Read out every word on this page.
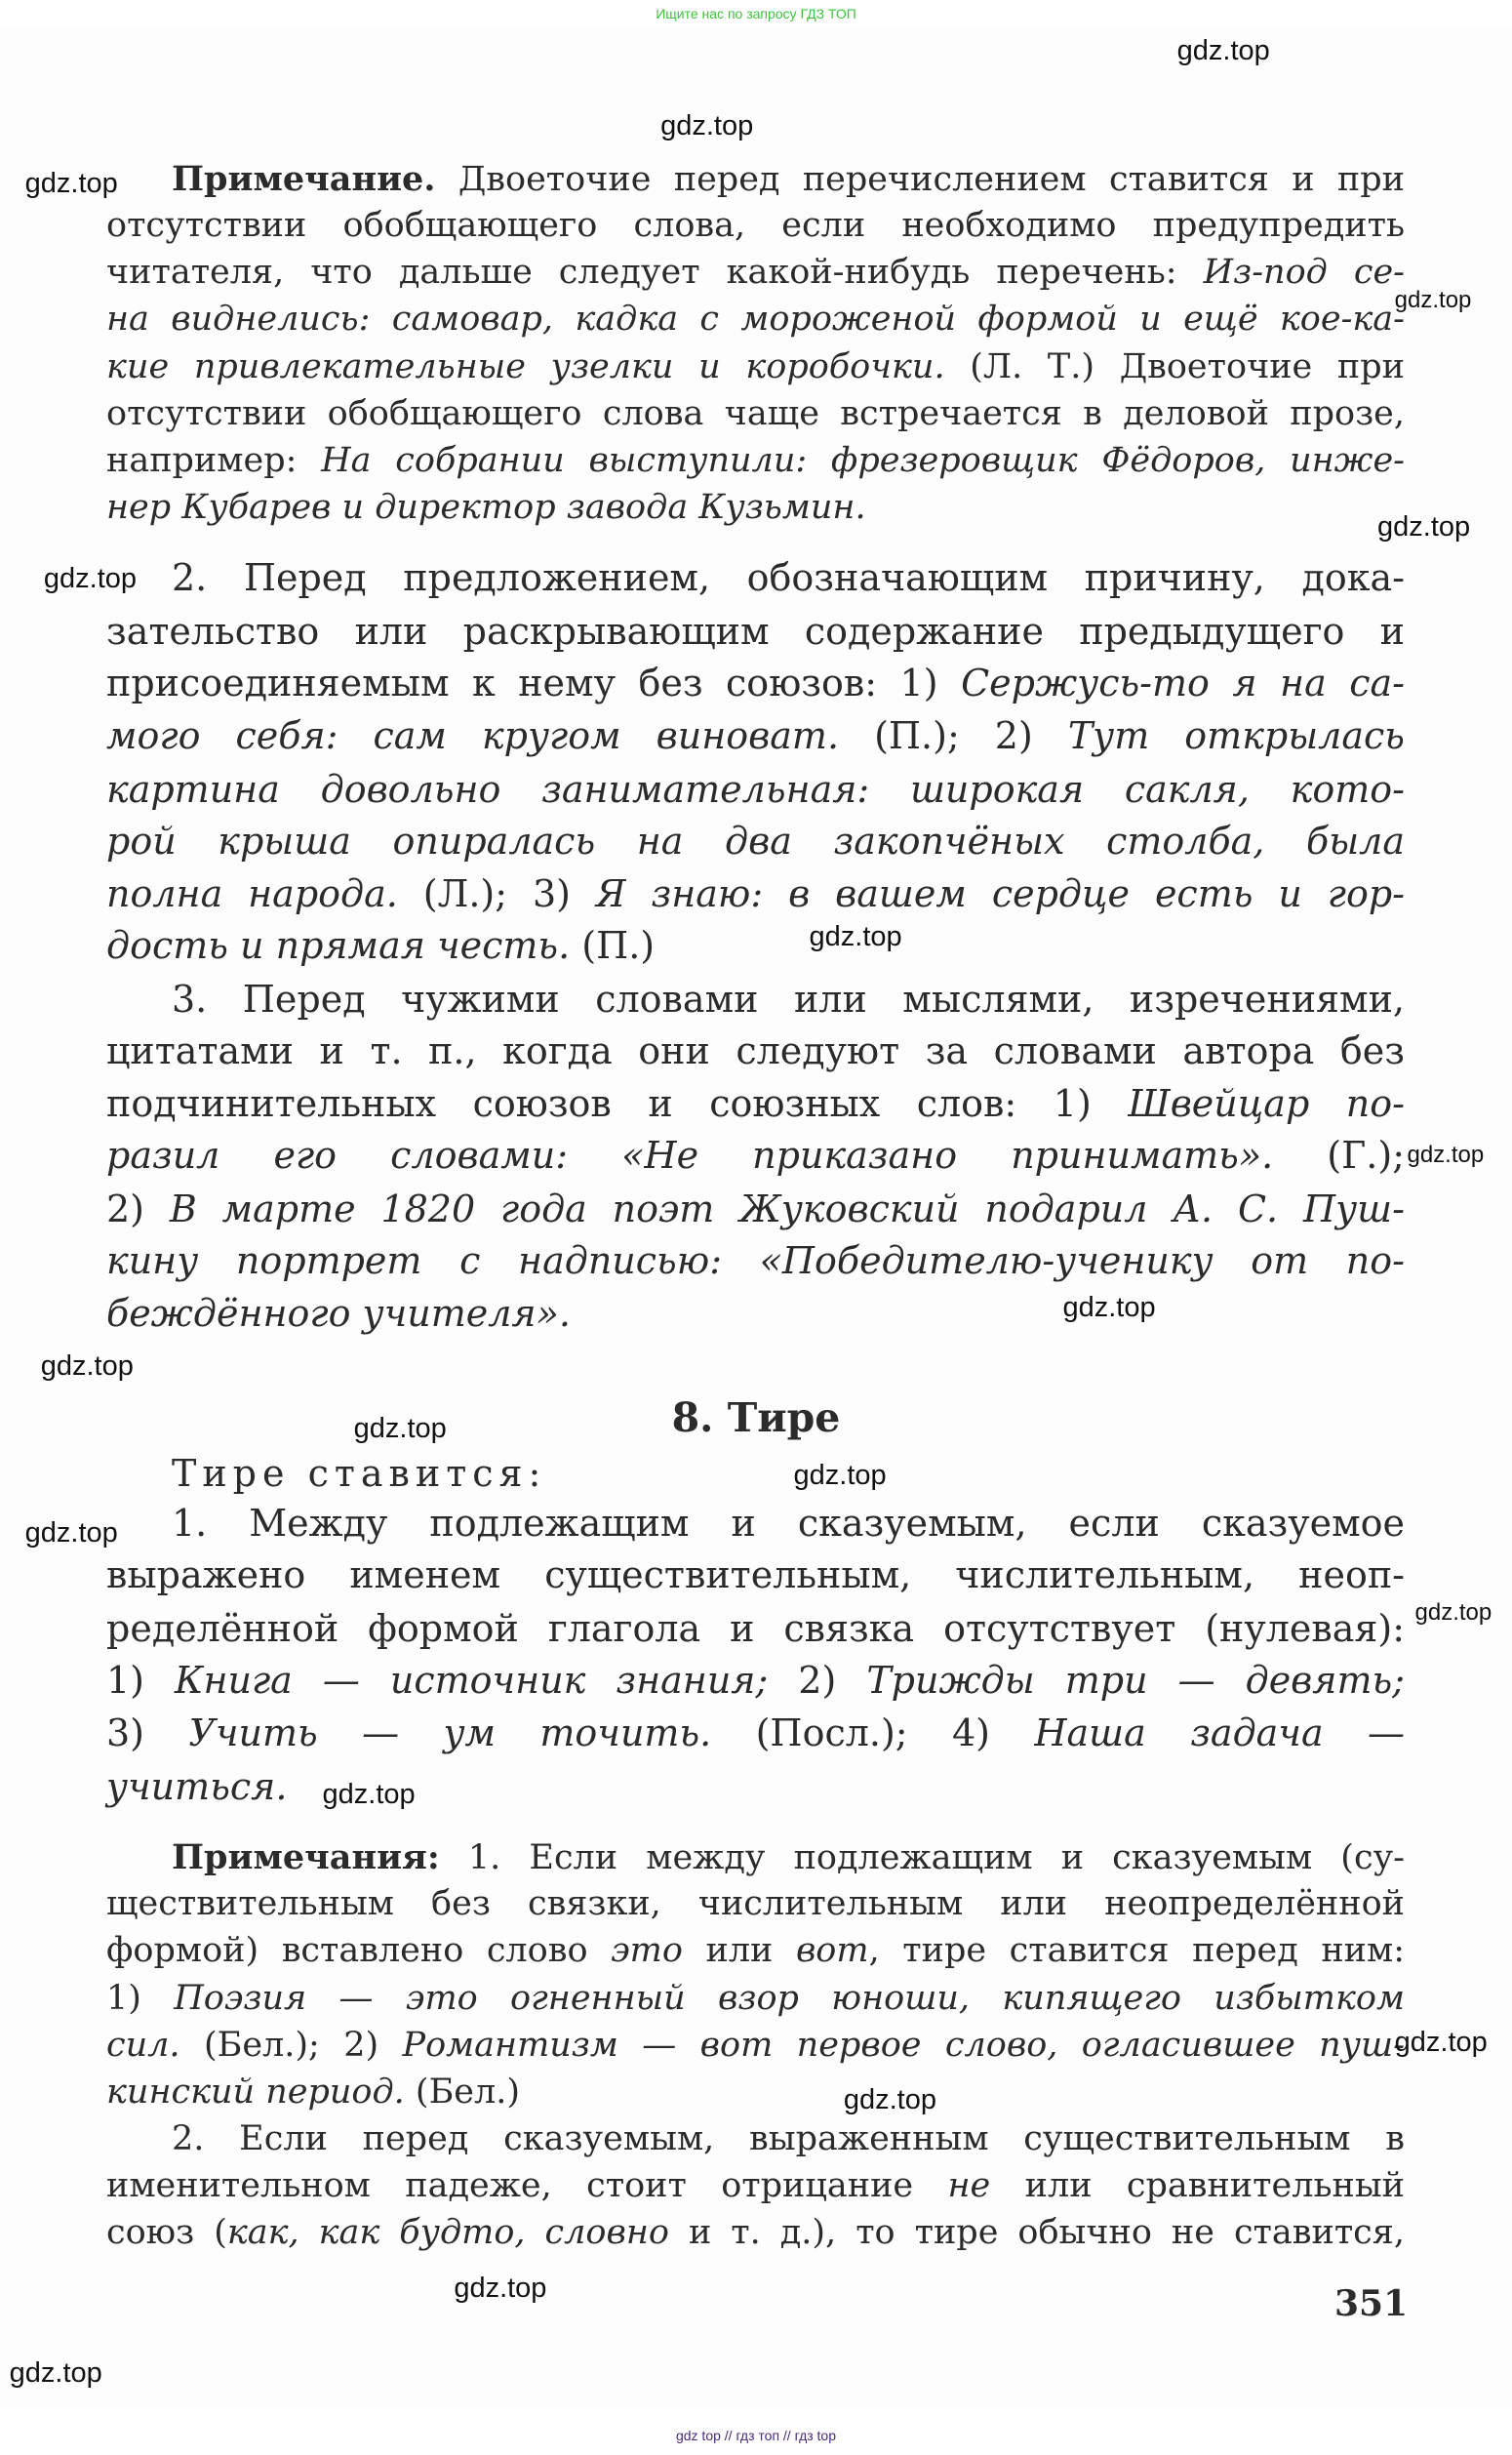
Ищите нас по запросу ГДЗ ТОП
8. Тире
Тире ставится:
351
Примечание. Двоеточие перед перечислением ставится и при
отсутствии обобщающего слова, если необходимо предупредить
читателя, что дальше следует какой-нибудь перечень: Из-под се-
на виднелись: самовар, кадка с мороженой формой и ещё кое-ка-
кие привлекательные узелки и коробочки. (Л. Т.) Двоеточие при
отсутствии обобщающего слова чаще встречается в деловой прозе,
например: На собрании выступили: фрезеровщик Фёдоров, инже-
нер Кубарев и директор завода Кузьмин.
2. Перед предложением, обозначающим причину, дока-
зательство или раскрывающим содержание предыдущего и
присоединяемым к нему без союзов: 1) Сержусь-то я на са-
мого себя: сам кругом виноват. (П.); 2) Тут открылась
картина довольно занимательная: широкая сакля, кото-
рой крыша опиралась на два закопчёных столба, была
полна народа. (Л.); 3) Я знаю: в вашем сердце есть и гор-
дость и прямая честь. (П.)
3. Перед чужими словами или мыслями, изречениями,
цитатами и т. п., когда они следуют за словами автора без
подчинительных союзов и союзных слов: 1) Швейцар по-
разил его словами: «Не приказано принимать». (Г.);
2) В марте 1820 года поэт Жуковский подарил А. С. Пуш-
кину портрет с надписью: «Победителю-ученику от по-
беждённого учителя».
1. Между подлежащим и сказуемым, если сказуемое
выражено именем существительным, числительным, неоп-
ределённой формой глагола и связка отсутствует (нулевая):
1) Книга — источник знания; 2) Трижды три — девять;
3) Учить — ум точить. (Посл.); 4) Наша задача —
учиться.
Примечания: 1. Если между подлежащим и сказуемым (су-
ществительным без связки, числительным или неопределённой
формой) вставлено слово это или вот, тире ставится перед ним:
1) Поэзия — это огненный взор юноши, кипящего избытком
сил. (Бел.); 2) Романтизм — вот первое слово, огласившее пуш-
кинский период. (Бел.)
2. Если перед сказуемым, выраженным существительным в
именительном падеже, стоит отрицание не или сравнительный
союз (как, как будто, словно и т. д.), то тире обычно не ставится,
gdz top // гдз топ // гдз top
gdz.top
gdz.top
gdz.top
gdz.top
gdz.top
gdz.top
gdz.top
gdz.top
gdz.top
gdz.top
gdz.top
gdz.top
gdz.top
gdz.top
gdz.top
gdz.top
gdz.top
gdz.top
gdz.top
